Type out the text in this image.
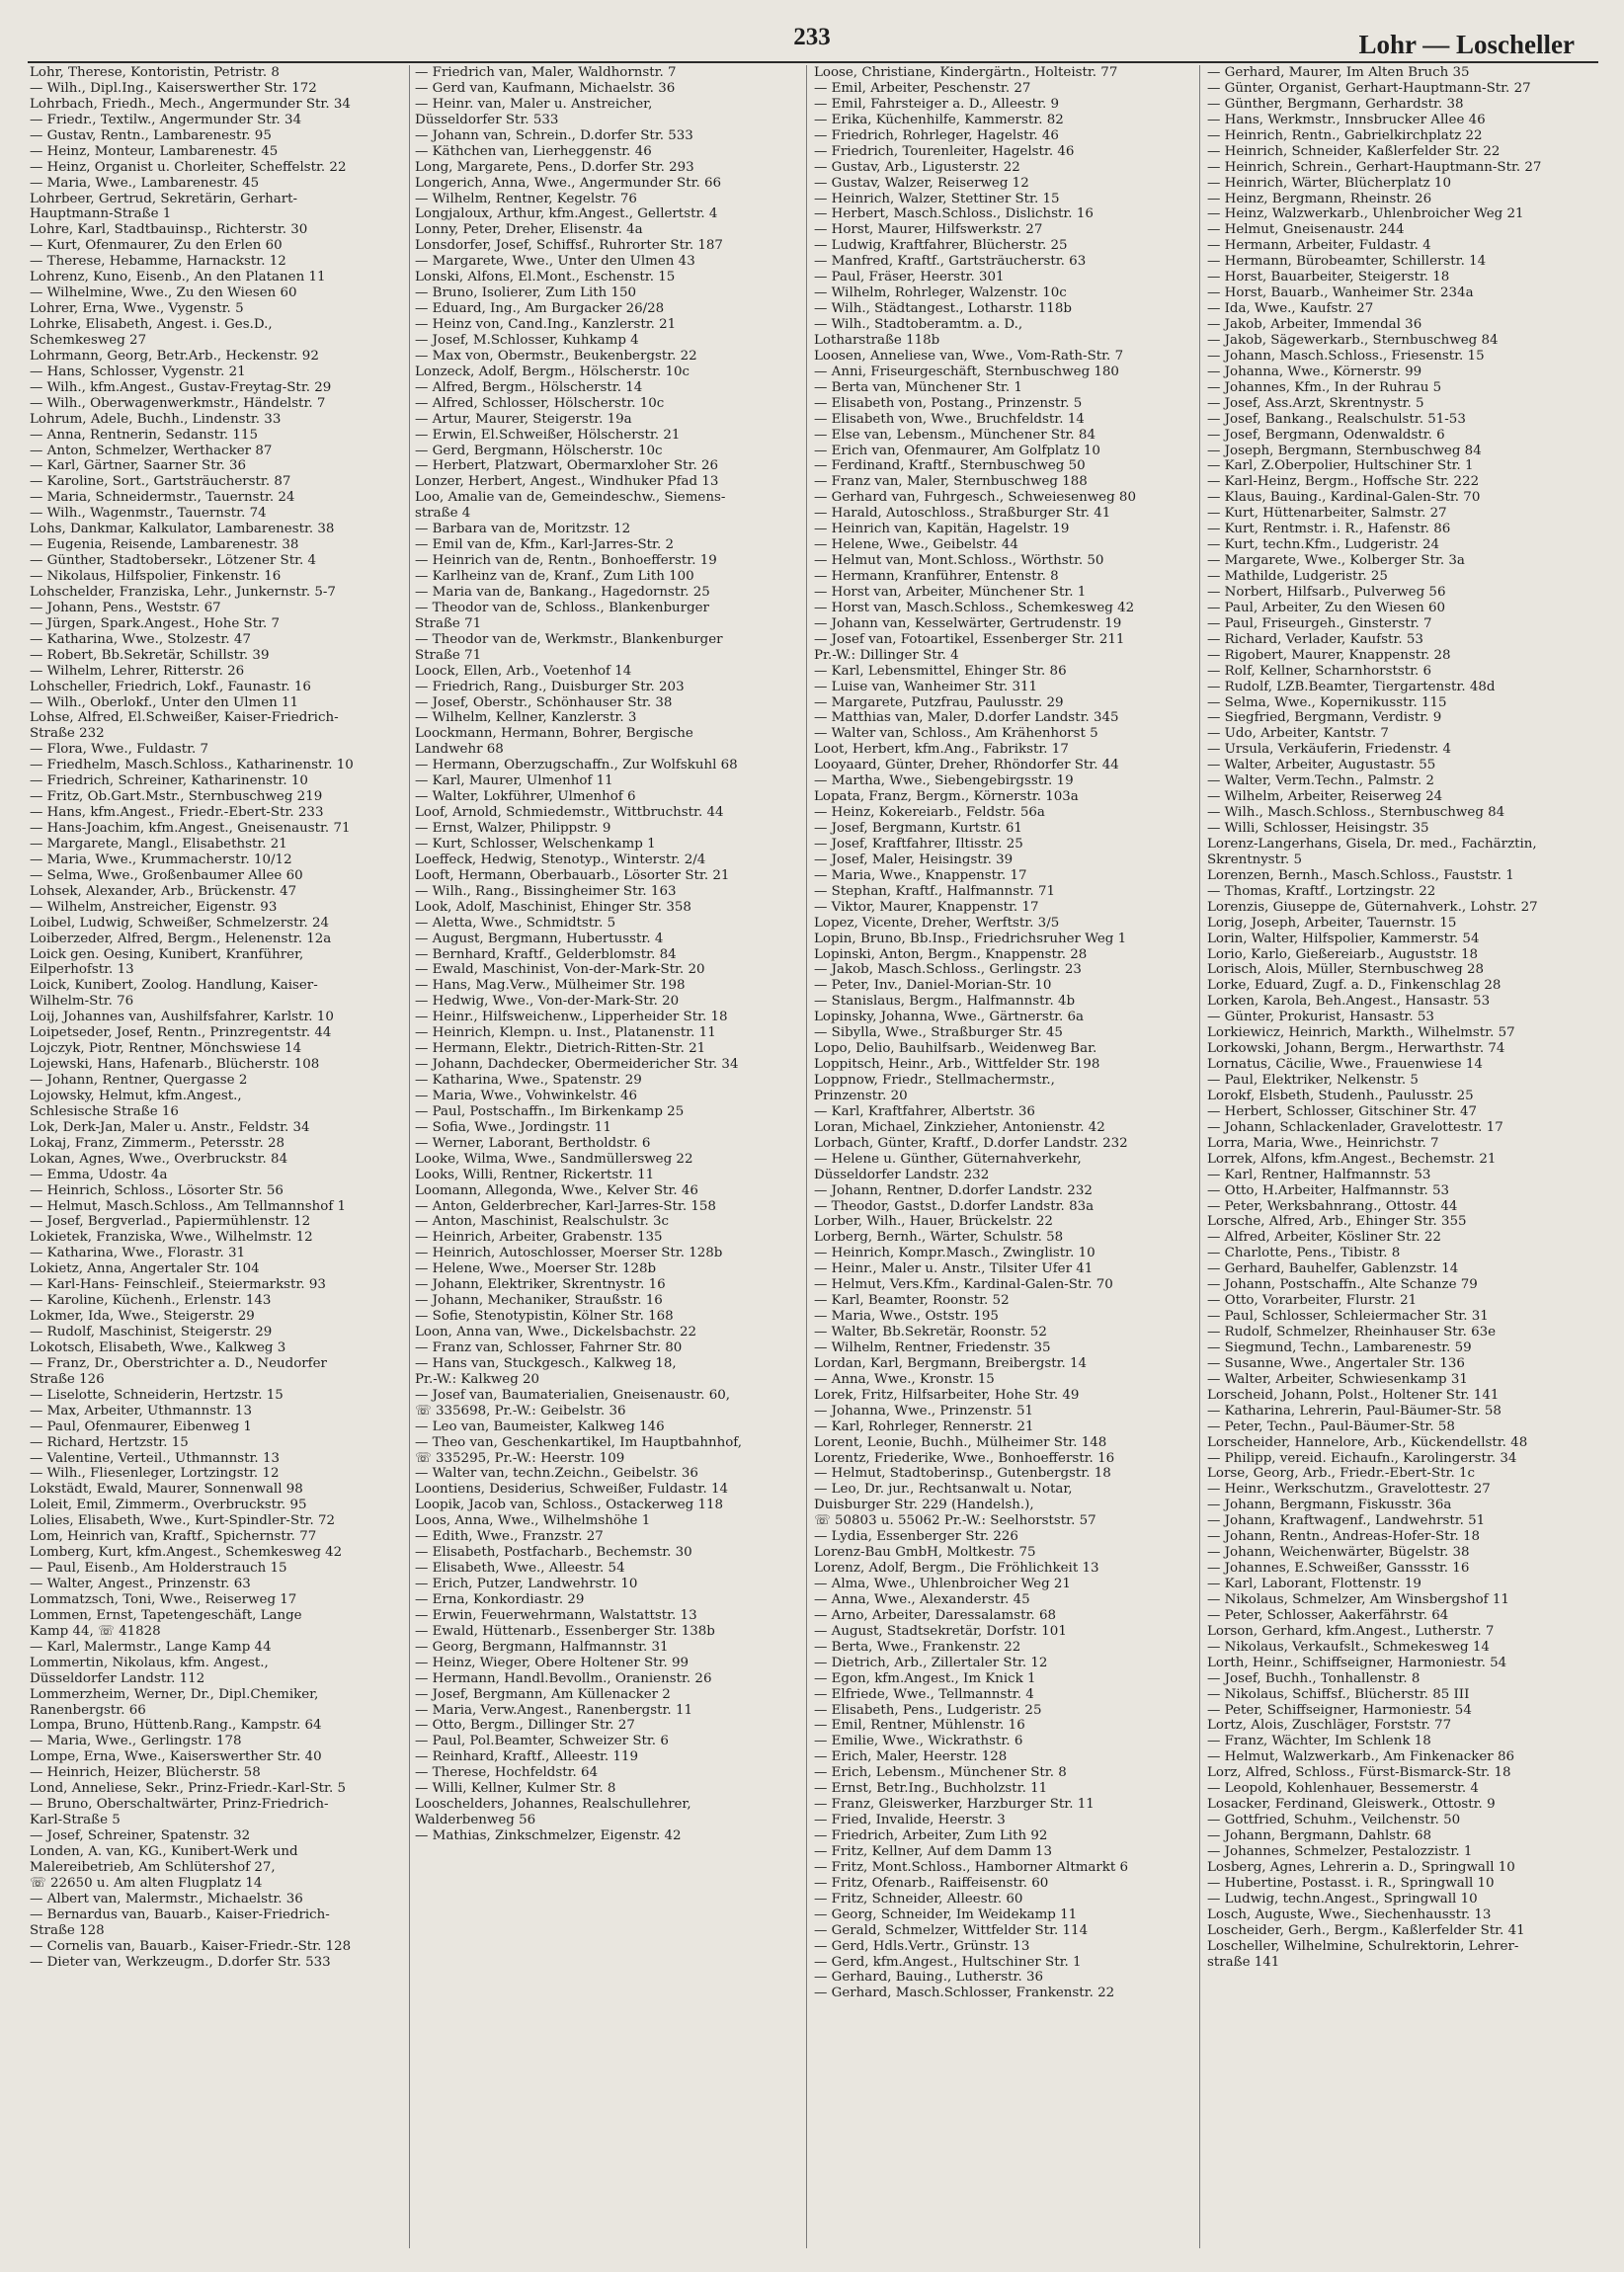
233	Lohr — Loscheller
Lohr, Therese, Kontoristin, Petristr. 8
— Wilh., Dipl.Ing., Kaiserswerther Str. 172
Lohrbach, Friedh., Mech., Angermunder Str. 34
— Friedr., Textilw., Angermunder Str. 34
— Gustav, Rentn., Lambarenestr. 95
— Heinz, Monteur, Lambarenestr. 45
— Heinz, Organist u. Chorleiter, Scheffelstr. 22
— Maria, Wwe., Lambarenestr. 45
Lohrbeer, Gertrud, Sekretärin, Gerhart-
Hauptmann-Straße 1
Lohre, Karl, Stadtbauinsp., Richterstr. 30
— Kurt, Ofenmaurer, Zu den Erlen 60
— Therese, Hebamme, Harnackstr. 12
Lohrenz, Kuno, Eisenb., An den Platanen 11
— Wilhelmine, Wwe., Zu den Wiesen 60
Lohrer, Erna, Wwe., Vygenstr. 5
Lohrke, Elisabeth, Angest. i. Ges.D.,
Schemkesweg 27
Lohrmann, Georg, Betr.Arb., Heckenstr. 92
— Hans, Schlosser, Vygenstr. 21
— Wilh., kfm.Angest., Gustav-Freytag-Str. 29
— Wilh., Oberwagenwerkmstr., Händelstr. 7
Lohrum, Adele, Buchh., Lindenstr. 33
— Anna, Rentnerin, Sedanstr. 115
— Anton, Schmelzer, Werthacker 87
— Karl, Gärtner, Saarner Str. 36
— Karoline, Sort., Gartsträucherstr. 87
— Maria, Schneidermstr., Tauernstr. 24
— Wilh., Wagenmstr., Tauernstr. 74
Lohs, Dankmar, Kalkulator, Lambarenestr. 38
— Eugenia, Reisende, Lambarenestr. 38
— Günther, Stadtobersekr., Lötzener Str. 4
— Nikolaus, Hilfspolier, Finkenstr. 16
Lohschelder, Franziska, Lehr., Junkernstr. 5-7
— Johann, Pens., Weststr. 67
— Jürgen, Spark.Angest., Hohe Str. 7
— Katharina, Wwe., Stolzestr. 47
— Robert, Bb.Sekretär, Schillstr. 39
— Wilhelm, Lehrer, Ritterstr. 26
Lohscheller, Friedrich, Lokf., Faunastr. 16
— Wilh., Oberlokf., Unter den Ulmen 11
Lohse, Alfred, El.Schweißer, Kaiser-Friedrich-
Straße 232
— Flora, Wwe., Fuldastr. 7
— Friedhelm, Masch.Schloss., Katharinenstr. 10
— Friedrich, Schreiner, Katharinenstr. 10
— Fritz, Ob.Gart.Mstr., Sternbuschweg 219
— Hans, kfm.Angest., Friedr.-Ebert-Str. 233
— Hans-Joachim, kfm.Angest., Gneisenaustr. 71
— Margarete, Mangl., Elisabethstr. 21
— Maria, Wwe., Krummacherstr. 10/12
— Selma, Wwe., Großenbaumer Allee 60
Lohsek, Alexander, Arb., Brückenstr. 47
— Wilhelm, Anstreicher, Eigenstr. 93
Loibel, Ludwig, Schweißer, Schmelzerstr. 24
Loiberzeder, Alfred, Bergm., Helenenstr. 12a
Loick gen. Oesing, Kunibert, Kranführer,
Eilperhofstr. 13
Loick, Kunibert, Zoolog. Handlung, Kaiser-
Wilhelm-Str. 76
Loij, Johannes van, Aushilfsfahrer, Karlstr. 10
Loipetseder, Josef, Rentn., Prinzregentstr. 44
Lojczyk, Piotr, Rentner, Mönchswiese 14
Lojewski, Hans, Hafenarb., Blücherstr. 108
— Johann, Rentner, Quergasse 2
Lojowsky, Helmut, kfm.Angest.,
Schlesische Straße 16
Lok, Derk-Jan, Maler u. Anstr., Feldstr. 34
Lokaj, Franz, Zimmerm., Petersstr. 28
Lokan, Agnes, Wwe., Overbruckstr. 84
— Emma, Udostr. 4a
— Heinrich, Schloss., Lösorter Str. 56
— Helmut, Masch.Schloss., Am Tellmannshof 1
— Josef, Bergverlad., Papiermühlenstr. 12
Lokietek, Franziska, Wwe., Wilhelmstr. 12
— Katharina, Wwe., Florastr. 31
Lokietz, Anna, Angertaler Str. 104
— Karl-Hans- Feinschleif., Steiermarkstr. 93
— Karoline, Küchenh., Erlenstr. 143
Lokmer, Ida, Wwe., Steigerstr. 29
— Rudolf, Maschinist, Steigerstr. 29
Lokotsch, Elisabeth, Wwe., Kalkweg 3
— Franz, Dr., Oberstrichter a. D., Neudorfer
Straße 126
— Liselotte, Schneiderin, Hertzstr. 15
— Max, Arbeiter, Uthmannstr. 13
— Paul, Ofenmaurer, Eibenweg 1
— Richard, Hertzstr. 15
— Valentine, Verteil., Uthmannstr. 13
— Wilh., Fliesenleger, Lortzingstr. 12
Lokstädt, Ewald, Maurer, Sonnenwall 98
Loleit, Emil, Zimmerm., Overbruckstr. 95
Lolies, Elisabeth, Wwe., Kurt-Spindler-Str. 72
Lom, Heinrich van, Kraftf., Spichernstr. 77
Lomberg, Kurt, kfm.Angest., Schemkesweg 42
— Paul, Eisenb., Am Holderstrauch 15
— Walter, Angest., Prinzenstr. 63
Lommatzsch, Toni, Wwe., Reiserweg 17
Lommen, Ernst, Tapetengeschäft, Lange
Kamp 44, ☏ 41828
— Karl, Malermstr., Lange Kamp 44
Lommertin, Nikolaus, kfm. Angest.,
Düsseldorfer Landstr. 112
Lommerzheim, Werner, Dr., Dipl.Chemiker,
Ranenbergstr. 66
Lompa, Bruno, Hüttenb.Rang., Kampstr. 64
— Maria, Wwe., Gerlingstr. 178
Lompe, Erna, Wwe., Kaiserswerther Str. 40
— Heinrich, Heizer, Blücherstr. 58
Lond, Anneliese, Sekr., Prinz-Friedr.-Karl-Str. 5
— Bruno, Oberschaltwärter, Prinz-Friedrich-
Karl-Straße 5
— Josef, Schreiner, Spatenstr. 32
Londen, A. van, KG., Kunibert-Werk und
Malereibetrieb, Am Schlütershof 27,
☏ 22650 u. Am alten Flugplatz 14
— Albert van, Malermstr., Michaelstr. 36
— Bernardus van, Bauarb., Kaiser-Friedrich-
Straße 128
— Cornelis van, Bauarb., Kaiser-Friedr.-Str. 128
— Dieter van, Werkzeugm., D.dorfer Str. 533
— Friedrich van, Maler, Waldhornstr. 7
— Gerd van, Kaufmann, Michaelstr. 36
— Heinr. van, Maler u. Anstreicher,
Düsseldorfer Str. 533
— Johann van, Schrein., D.dorfer Str. 533
— Käthchen van, Lierheggenstr. 46
Long, Margarete, Pens., D.dorfer Str. 293
Longerich, Anna, Wwe., Angermunder Str. 66
— Wilhelm, Rentner, Kegelstr. 76
Longjaloux, Arthur, kfm.Angest., Gellertstr. 4
Lonny, Peter, Dreher, Elisenstr. 4a
Lonsdorfer, Josef, Schiffsf., Ruhrorter Str. 187
— Margarete, Wwe., Unter den Ulmen 43
Lonski, Alfons, El.Mont., Eschenstr. 15
— Bruno, Isolierer, Zum Lith 150
— Eduard, Ing., Am Burgacker 26/28
— Heinz von, Cand.Ing., Kanzlerstr. 21
— Josef, M.Schlosser, Kuhkamp 4
— Max von, Obermstr., Beukenbergstr. 22
Lonzeck, Adolf, Bergm., Hölscherstr. 10c
— Alfred, Bergm., Hölscherstr. 14
— Alfred, Schlosser, Hölscherstr. 10c
— Artur, Maurer, Steigerstr. 19a
— Erwin, El.Schweißer, Hölscherstr. 21
— Gerd, Bergmann, Hölscherstr. 10c
— Herbert, Platzwart, Obermarxloher Str. 26
Lonzer, Herbert, Angest., Windhuker Pfad 13
Loo, Amalie van de, Gemeindeschw., Siemens-
straße 4
— Barbara van de, Moritzstr. 12
— Emil van de, Kfm., Karl-Jarres-Str. 2
— Heinrich van de, Rentn., Bonhoefferstr. 19
— Karlheinz van de, Kranf., Zum Lith 100
— Maria van de, Bankang., Hagedornstr. 25
— Theodor van de, Schloss., Blankenburger
Straße 71
— Theodor van de, Werkmstr., Blankenburger
Straße 71
Loock, Ellen, Arb., Voetenhof 14
— Friedrich, Rang., Duisburger Str. 203
— Josef, Oberstr., Schönhauser Str. 38
— Wilhelm, Kellner, Kanzlerstr. 3
Loockmann, Hermann, Bohrer, Bergische
Landwehr 68
— Hermann, Oberzugschaffn., Zur Wolfskuhl 68
— Karl, Maurer, Ulmenhof 11
— Walter, Lokführer, Ulmenhof 6
Loof, Arnold, Schmiedemstr., Wittbruchstr. 44
— Ernst, Walzer, Philippstr. 9
— Kurt, Schlosser, Welschenkamp 1
Loeffeck, Hedwig, Stenotyp., Winterstr. 2/4
Looft, Hermann, Oberbauarb., Lösorter Str. 21
— Wilh., Rang., Bissingheimer Str. 163
Look, Adolf, Maschinist, Ehinger Str. 358
— Aletta, Wwe., Schmidtstr. 5
— August, Bergmann, Hubertusstr. 4
— Bernhard, Kraftf., Gelderblomstr. 84
— Ewald, Maschinist, Von-der-Mark-Str. 20
— Hans, Mag.Verw., Mülheimer Str. 198
— Hedwig, Wwe., Von-der-Mark-Str. 20
— Heinr., Hilfsweichenw., Lipperheider Str. 18
— Heinrich, Klempn. u. Inst., Platanenstr. 11
— Hermann, Elektr., Dietrich-Ritten-Str. 21
— Johann, Dachdecker, Obermeidericher Str. 34
— Katharina, Wwe., Spatenstr. 29
— Maria, Wwe., Vohwinkelstr. 46
— Paul, Postschaffn., Im Birkenkamp 25
— Sofia, Wwe., Jordingstr. 11
— Werner, Laborant, Bertholdstr. 6
Looke, Wilma, Wwe., Sandmüllersweg 22
Looks, Willi, Rentner, Rickertstr. 11
Loomann, Allegonda, Wwe., Kelver Str. 46
— Anton, Gelderbrecher, Karl-Jarres-Str. 158
— Anton, Maschinist, Realschulstr. 3c
— Heinrich, Arbeiter, Grabenstr. 135
— Heinrich, Autoschlosser, Moerser Str. 128b
— Helene, Wwe., Moerser Str. 128b
— Johann, Elektriker, Skrentnystr. 16
— Johann, Mechaniker, Straußstr. 16
— Sofie, Stenotypistin, Kölner Str. 168
Loon, Anna van, Wwe., Dickelsbachstr. 22
— Franz van, Schlosser, Fahrner Str. 80
— Hans van, Stuckgesch., Kalkweg 18,
Pr.-W.: Kalkweg 20
— Josef van, Baumaterialien, Gneisenaustr. 60,
☏ 335698, Pr.-W.: Geibelstr. 36
— Leo van, Baumeister, Kalkweg 146
— Theo van, Geschenkartikel, Im Hauptbahnhof,
☏ 335295, Pr.-W.: Heerstr. 109
— Walter van, techn.Zeichn., Geibelstr. 36
Loontiens, Desiderius, Schweißer, Fuldastr. 14
Loopik, Jacob van, Schloss., Ostackerweg 118
Loos, Anna, Wwe., Wilhelmshöhe 1
— Edith, Wwe., Franzstr. 27
— Elisabeth, Postfacharb., Bechemstr. 30
— Elisabeth, Wwe., Alleestr. 54
— Erich, Putzer, Landwehrstr. 10
— Erna, Konkordiastr. 29
— Erwin, Feuerwehrmann, Walstattstr. 13
— Ewald, Hüttenarb., Essenberger Str. 138b
— Georg, Bergmann, Halfmannstr. 31
— Heinz, Wieger, Obere Holtener Str. 99
— Hermann, Handl.Bevollm., Oranienstr. 26
— Josef, Bergmann, Am Küllenacker 2
— Maria, Verw.Angest., Ranenbergstr. 11
— Otto, Bergm., Dillinger Str. 27
— Paul, Pol.Beamter, Schweizer Str. 6
— Reinhard, Kraftf., Alleestr. 119
— Therese, Hochfeldstr. 64
— Willi, Kellner, Kulmer Str. 8
Looschelders, Johannes, Realschullehrer,
Walderbenweg 56
— Mathias, Zinkschmelzer, Eigenstr. 42
Loose, Christiane, Kindergärtn., Holteistr. 77
— Emil, Arbeiter, Peschenstr. 27
— Emil, Fahrsteiger a. D., Alleestr. 9
— Erika, Küchenhilfe, Kammerstr. 82
— Friedrich, Rohrleger, Hagelstr. 46
— Friedrich, Tourenleiter, Hagelstr. 46
— Gustav, Arb., Ligusterstr. 22
— Gustav, Walzer, Reiserweg 12
— Heinrich, Walzer, Stettiner Str. 15
— Herbert, Masch.Schloss., Dislichstr. 16
— Horst, Maurer, Hilfswerkstr. 27
— Ludwig, Kraftfahrer, Blücherstr. 25
— Manfred, Kraftf., Gartsträucherstr. 63
— Paul, Fräser, Heerstr. 301
— Wilhelm, Rohrleger, Walzenstr. 10c
— Wilh., Städtangest., Lotharstr. 118b
— Wilh., Stadtoberamtm. a. D.,
Lotharstraße 118b
Loosen, Anneliese van, Wwe., Vom-Rath-Str. 7
— Anni, Friseurgeschäft, Sternbuschweg 180
— Berta van, Münchener Str. 1
— Elisabeth von, Postang., Prinzenstr. 5
— Elisabeth von, Wwe., Bruchfeldstr. 14
— Else van, Lebensm., Münchener Str. 84
— Erich van, Ofenmaurer, Am Golfplatz 10
— Ferdinand, Kraftf., Sternbuschweg 50
— Franz van, Maler, Sternbuschweg 188
— Gerhard van, Fuhrgesch., Schweiesenweg 80
— Harald, Autoschloss., Straßburger Str. 41
— Heinrich van, Kapitän, Hagelstr. 19
— Helene, Wwe., Geibelstr. 44
— Helmut van, Mont.Schloss., Wörthstr. 50
— Hermann, Kranführer, Entenstr. 8
— Horst van, Arbeiter, Münchener Str. 1
— Horst van, Masch.Schloss., Schemkesweg 42
— Johann van, Kesselwärter, Gertrudenstr. 19
— Josef van, Fotoartikel, Essenberger Str. 211
Pr.-W.: Dillinger Str. 4
— Karl, Lebensmittel, Ehinger Str. 86
— Luise van, Wanheimer Str. 311
— Margarete, Putzfrau, Paulusstr. 29
— Matthias van, Maler, D.dorfer Landstr. 345
— Walter van, Schloss., Am Krähenhorst 5
Loot, Herbert, kfm.Ang., Fabrikstr. 17
Looyaard, Günter, Dreher, Rhöndorfer Str. 44
— Martha, Wwe., Siebengebirgsstr. 19
Lopata, Franz, Bergm., Körnerstr. 103a
— Heinz, Kokereiarb., Feldstr. 56a
— Josef, Bergmann, Kurtstr. 61
— Josef, Kraftfahrer, Iltisstr. 25
— Josef, Maler, Heisingstr. 39
— Maria, Wwe., Knappenstr. 17
— Stephan, Kraftf., Halfmannstr. 71
— Viktor, Maurer, Knappenstr. 17
Lopez, Vicente, Dreher, Werftstr. 3/5
Lopin, Bruno, Bb.Insp., Friedrichsruher Weg 1
Lopinski, Anton, Bergm., Knappenstr. 28
— Jakob, Masch.Schloss., Gerlingstr. 23
— Peter, Inv., Daniel-Morian-Str. 10
— Stanislaus, Bergm., Halfmannstr. 4b
Lopinsky, Johanna, Wwe., Gärtnerstr. 6a
— Sibylla, Wwe., Straßburger Str. 45
Lopo, Delio, Bauhilfsarb., Weidenweg Bar.
Loppitsch, Heinr., Arb., Wittfelder Str. 198
Loppnow, Friedr., Stellmachermstr.,
Prinzenstr. 20
— Karl, Kraftfahrer, Albertstr. 36
Loran, Michael, Zinkzieher, Antonienstr. 42
Lorbach, Günter, Kraftf., D.dorfer Landstr. 232
— Helene u. Günther, Güternahverkehr,
Düsseldorfer Landstr. 232
— Johann, Rentner, D.dorfer Landstr. 232
— Theodor, Gastst., D.dorfer Landstr. 83a
Lorber, Wilh., Hauer, Brückelstr. 22
Lorberg, Bernh., Wärter, Schulstr. 58
— Heinrich, Kompr.Masch., Zwinglistr. 10
— Heinr., Maler u. Anstr., Tilsiter Ufer 41
— Helmut, Vers.Kfm., Kardinal-Galen-Str. 70
— Karl, Beamter, Roonstr. 52
— Maria, Wwe., Oststr. 195
— Walter, Bb.Sekretär, Roonstr. 52
— Wilhelm, Rentner, Friedenstr. 35
Lordan, Karl, Bergmann, Breibergstr. 14
— Anna, Wwe., Kronstr. 15
Lorek, Fritz, Hilfsarbeiter, Hohe Str. 49
— Johanna, Wwe., Prinzenstr. 51
— Karl, Rohrleger, Rennerstr. 21
Lorent, Leonie, Buchh., Mülheimer Str. 148
Lorentz, Friederike, Wwe., Bonhoefferstr. 16
— Helmut, Stadtoberinsp., Gutenbergstr. 18
— Leo, Dr. jur., Rechtsanwalt u. Notar,
Duisburger Str. 229 (Handelsh.),
☏ 50803 u. 55062 Pr.-W.: Seelhorststr. 57
— Lydia, Essenberger Str. 226
Lorenz-Bau GmbH, Moltkestr. 75
Lorenz, Adolf, Bergm., Die Fröhlichkeit 13
— Alma, Wwe., Uhlenbroicher Weg 21
— Anna, Wwe., Alexanderstr. 45
— Arno, Arbeiter, Daressalamstr. 68
— August, Stadtsekretär, Dorfstr. 101
— Berta, Wwe., Frankenstr. 22
— Dietrich, Arb., Zillertaler Str. 12
— Egon, kfm.Angest., Im Knick 1
— Elfriede, Wwe., Tellmannstr. 4
— Elisabeth, Pens., Ludgeristr. 25
— Emil, Rentner, Mühlenstr. 16
— Emilie, Wwe., Wickrathstr. 6
— Erich, Maler, Heerstr. 128
— Erich, Lebensm., Münchener Str. 8
— Ernst, Betr.Ing., Buchholzstr. 11
— Franz, Gleiswerker, Harzburger Str. 11
— Fried, Invalide, Heerstr. 3
— Friedrich, Arbeiter, Zum Lith 92
— Fritz, Kellner, Auf dem Damm 13
— Fritz, Mont.Schloss., Hamborner Altmarkt 6
— Fritz, Ofenarb., Raiffeisenstr. 60
— Fritz, Schneider, Alleestr. 60
— Georg, Schneider, Im Weidekamp 11
— Gerald, Schmelzer, Wittfelder Str. 114
— Gerd, Hdls.Vertr., Grünstr. 13
— Gerd, kfm.Angest., Hultschiner Str. 1
— Gerhard, Bauing., Lutherstr. 36
— Gerhard, Masch.Schlosser, Frankenstr. 22
— Gerhard, Maurer, Im Alten Bruch 35
— Günter, Organist, Gerhart-Hauptmann-Str. 27
— Günther, Bergmann, Gerhardstr. 38
— Hans, Werkmstr., Innsbrucker Allee 46
— Heinrich, Rentn., Gabrielkirchplatz 22
— Heinrich, Schneider, Kaßlerfelder Str. 22
— Heinrich, Schrein., Gerhart-Hauptmann-Str. 27
— Heinrich, Wärter, Blücherplatz 10
— Heinz, Bergmann, Rheinstr. 26
— Heinz, Walzwerkarb., Uhlenbroicher Weg 21
— Helmut, Gneisenaustr. 244
— Hermann, Arbeiter, Fuldastr. 4
— Hermann, Bürobeamter, Schillerstr. 14
— Horst, Bauarbeiter, Steigerstr. 18
— Horst, Bauarb., Wanheimer Str. 234a
— Ida, Wwe., Kaufstr. 27
— Jakob, Arbeiter, Immendal 36
— Jakob, Sägewerkarb., Sternbuschweg 84
— Johann, Masch.Schloss., Friesenstr. 15
— Johanna, Wwe., Körnerstr. 99
— Johannes, Kfm., In der Ruhrau 5
— Josef, Ass.Arzt, Skrentnystr. 5
— Josef, Bankang., Realschulstr. 51-53
— Josef, Bergmann, Odenwaldstr. 6
— Joseph, Bergmann, Sternbuschweg 84
— Karl, Z.Oberpolier, Hultschiner Str. 1
— Karl-Heinz, Bergm., Hoffsche Str. 222
— Klaus, Bauing., Kardinal-Galen-Str. 70
— Kurt, Hüttenarbeiter, Salmstr. 27
— Kurt, Rentmstr. i. R., Hafenstr. 86
— Kurt, techn.Kfm., Ludgeristr. 24
— Margarete, Wwe., Kolberger Str. 3a
— Mathilde, Ludgeristr. 25
— Norbert, Hilfsarb., Pulverweg 56
— Paul, Arbeiter, Zu den Wiesen 60
— Paul, Friseurgeh., Ginsterstr. 7
— Richard, Verlader, Kaufstr. 53
— Rigobert, Maurer, Knappenstr. 28
— Rolf, Kellner, Scharnhorststr. 6
— Rudolf, LZB.Beamter, Tiergartenstr. 48d
— Selma, Wwe., Kopernikusstr. 115
— Siegfried, Bergmann, Verdistr. 9
— Udo, Arbeiter, Kantstr. 7
— Ursula, Verkäuferin, Friedenstr. 4
— Walter, Arbeiter, Augustastr. 55
— Walter, Verm.Techn., Palmstr. 2
— Wilhelm, Arbeiter, Reiserweg 24
— Wilh., Masch.Schloss., Sternbuschweg 84
— Willi, Schlosser, Heisingstr. 35
Lorenz-Langerhans, Gisela, Dr. med., Fachärztin,
Skrentnystr. 5
Lorenzen, Bernh., Masch.Schloss., Fauststr. 1
— Thomas, Kraftf., Lortzingstr. 22
Lorenzis, Giuseppe de, Güternahverk., Lohstr. 27
Lorig, Joseph, Arbeiter, Tauernstr. 15
Lorin, Walter, Hilfspolier, Kammerstr. 54
Lorio, Karlo, Gießereiarb., Auguststr. 18
Lorisch, Alois, Müller, Sternbuschweg 28
Lorke, Eduard, Zugf. a. D., Finkenschlag 28
Lorken, Karola, Beh.Angest., Hansastr. 53
— Günter, Prokurist, Hansastr. 53
Lorkiewicz, Heinrich, Markth., Wilhelmstr. 57
Lorkowski, Johann, Bergm., Herwarthstr. 74
Lornatus, Cäcilie, Wwe., Frauenwiese 14
— Paul, Elektriker, Nelkenstr. 5
Lorokf, Elsbeth, Studenh., Paulusstr. 25
— Herbert, Schlosser, Gitschiner Str. 47
— Johann, Schlackenlader, Gravelottestr. 17
Lorra, Maria, Wwe., Heinrichstr. 7
Lorrek, Alfons, kfm.Angest., Bechemstr. 21
— Karl, Rentner, Halfmannstr. 53
— Otto, H.Arbeiter, Halfmannstr. 53
— Peter, Werksbahnrang., Ottostr. 44
Lorsche, Alfred, Arb., Ehinger Str. 355
— Alfred, Arbeiter, Kösliner Str. 22
— Charlotte, Pens., Tibistr. 8
— Gerhard, Bauhelfer, Gablenzstr. 14
— Johann, Postschaffn., Alte Schanze 79
— Otto, Vorarbeiter, Flurstr. 21
— Paul, Schlosser, Schleiermacher Str. 31
— Rudolf, Schmelzer, Rheinhauser Str. 63e
— Siegmund, Techn., Lambarenestr. 59
— Susanne, Wwe., Angertaler Str. 136
— Walter, Arbeiter, Schwiesenkamp 31
Lorscheid, Johann, Polst., Holtener Str. 141
— Katharina, Lehrerin, Paul-Bäumer-Str. 58
— Peter, Techn., Paul-Bäumer-Str. 58
Lorscheider, Hannelore, Arb., Kückendellstr. 48
— Philipp, vereid. Eichaufn., Karolingerstr. 34
Lorse, Georg, Arb., Friedr.-Ebert-Str. 1c
— Heinr., Werkschutzm., Gravelottestr. 27
— Johann, Bergmann, Fiskusstr. 36a
— Johann, Kraftwagenf., Landwehrstr. 51
— Johann, Rentn., Andreas-Hofer-Str. 18
— Johann, Weichenwärter, Bügelstr. 38
— Johannes, E.Schweißer, Ganssstr. 16
— Karl, Laborant, Flottenstr. 19
— Nikolaus, Schmelzer, Am Winsbergshof 11
— Peter, Schlosser, Aakerfährstr. 64
Lorson, Gerhard, kfm.Angest., Lutherstr. 7
— Nikolaus, Verkaufslt., Schmekesweg 14
Lorth, Heinr., Schiffseigner, Harmoniestr. 54
— Josef, Buchh., Tonhallenstr. 8
— Nikolaus, Schiffsf., Blücherstr. 85 III
— Peter, Schiffseigner, Harmoniestr. 54
Lortz, Alois, Zuschläger, Forststr. 77
— Franz, Wächter, Im Schlenk 18
— Helmut, Walzwerkarb., Am Finkenacker 86
Lorz, Alfred, Schloss., Fürst-Bismarck-Str. 18
— Leopold, Kohlenhauer, Bessemerstr. 4
Losacker, Ferdinand, Gleiswerk., Ottostr. 9
— Gottfried, Schuhm., Veilchenstr. 50
— Johann, Bergmann, Dahlstr. 68
— Johannes, Schmelzer, Pestalozzistr. 1
Losberg, Agnes, Lehrerin a. D., Springwall 10
— Hubertine, Postasst. i. R., Springwall 10
— Ludwig, techn.Angest., Springwall 10
Losch, Auguste, Wwe., Siechenhausstr. 13
Loscheider, Gerh., Bergm., Kaßlerfelder Str. 41
Loscheller, Wilhelmine, Schulrektorin, Lehrer-
straße 141
